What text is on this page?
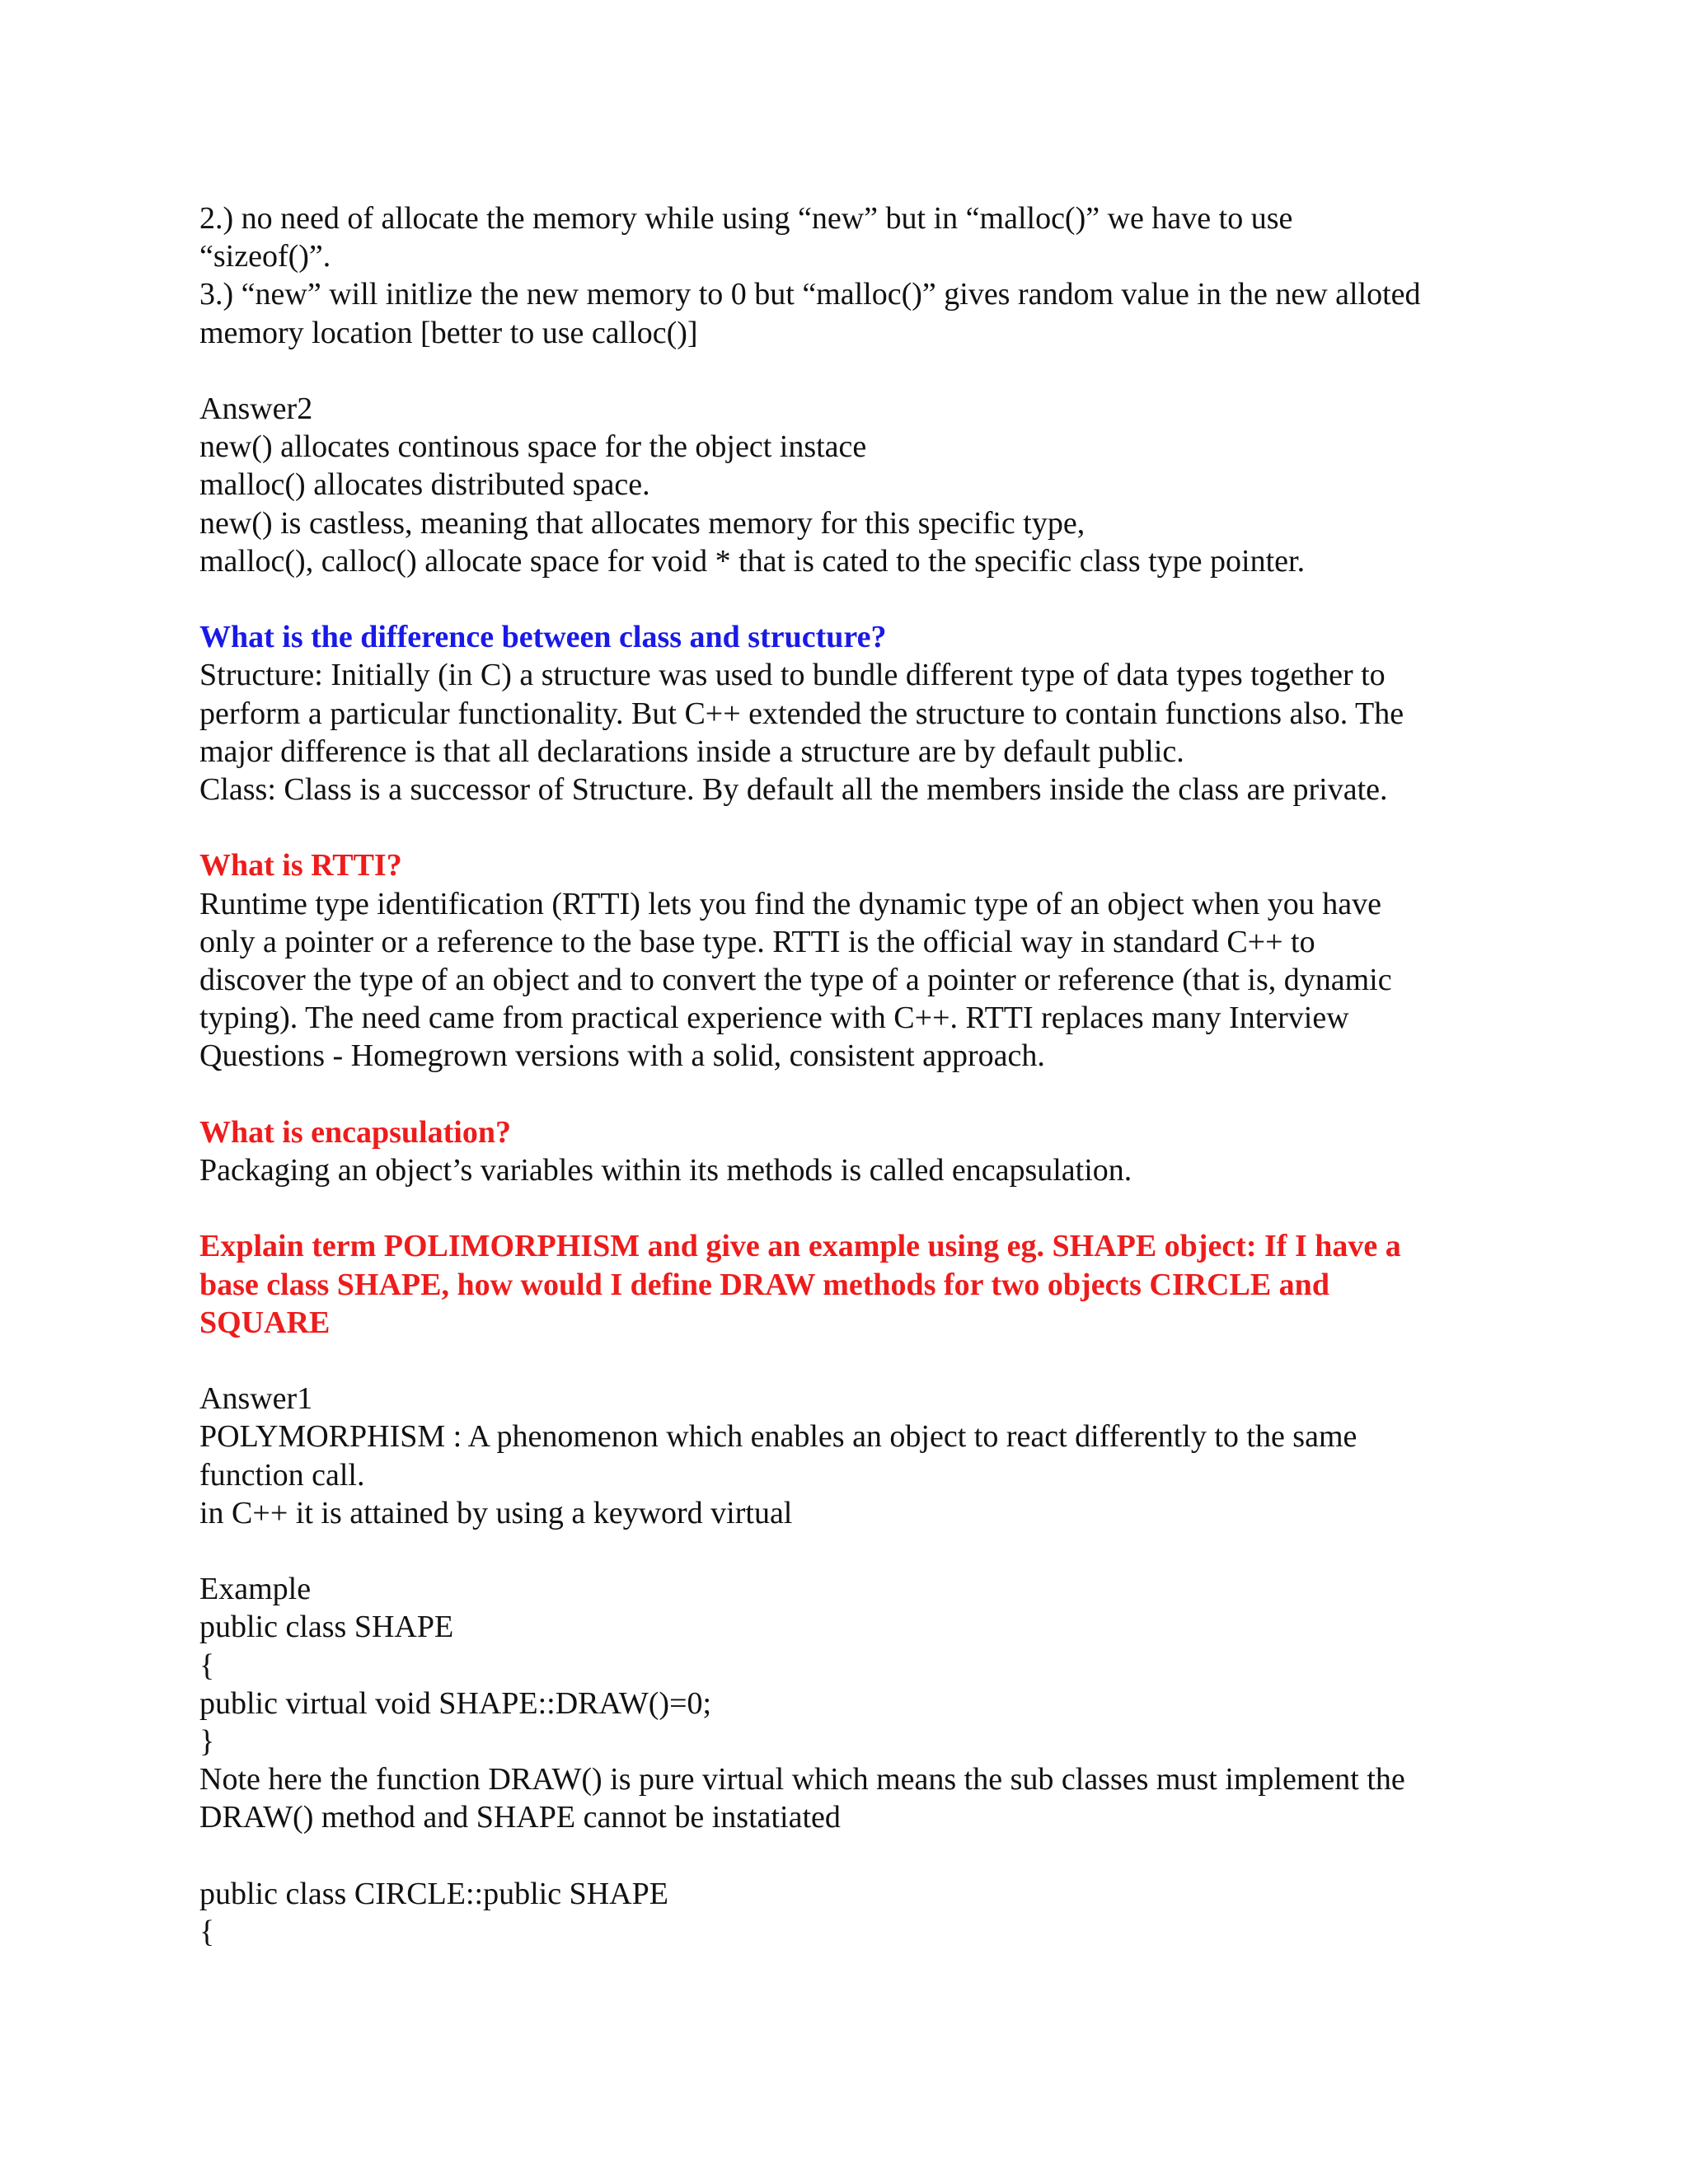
2.) no need of allocate the memory while using “new” but in “malloc()” we have to use
“sizeof()”.
3.) “new” will initlize the new memory to 0 but “malloc()” gives random value in the new alloted
memory location [better to use calloc()]
Answer2
new() allocates continous space for the object instace
malloc() allocates distributed space.
new() is castless, meaning that allocates memory for this specific type,
malloc(), calloc() allocate space for void * that is cated to the specific class type pointer.
What is the difference between class and structure?
Structure: Initially (in C) a structure was used to bundle different type of data types together to
perform a particular functionality. But C++ extended the structure to contain functions also. The
major difference is that all declarations inside a structure are by default public.
Class: Class is a successor of Structure. By default all the members inside the class are private.
What is RTTI?
Runtime type identification (RTTI) lets you find the dynamic type of an object when you have
only a pointer or a reference to the base type. RTTI is the official way in standard C++ to
discover the type of an object and to convert the type of a pointer or reference (that is, dynamic
typing). The need came from practical experience with C++. RTTI replaces many Interview
Questions - Homegrown versions with a solid, consistent approach.
What is encapsulation?
Packaging an object’s variables within its methods is called encapsulation.
Explain term POLIMORPHISM and give an example using eg. SHAPE object: If I have a
base class SHAPE, how would I define DRAW methods for two objects CIRCLE and
SQUARE
Answer1
POLYMORPHISM : A phenomenon which enables an object to react differently to the same
function call.
in C++ it is attained by using a keyword virtual
Example
public class SHAPE
{
public virtual void SHAPE::DRAW()=0;
}
Note here the function DRAW() is pure virtual which means the sub classes must implement the
DRAW() method and SHAPE cannot be instatiated
public class CIRCLE::public SHAPE
{
